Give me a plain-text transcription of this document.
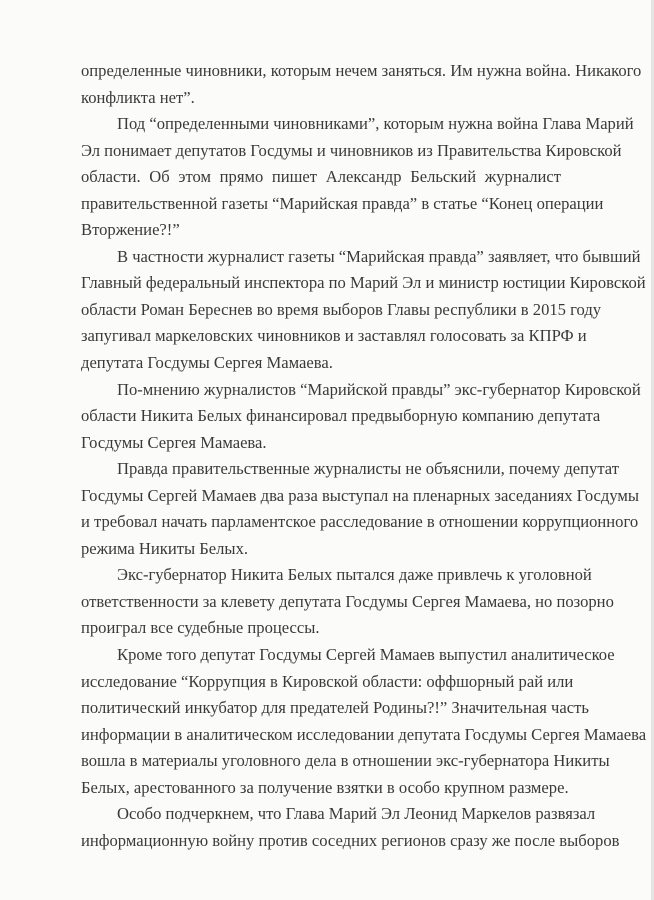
определенные чиновники, которым нечем заняться. Им нужна война. Никакого
конфликта нет”.
Под “определенными чиновниками”, которым нужна война Глава Марий
Эл понимает депутатов Госдумы и чиновников из Правительства Кировской
области. Об этом прямо пишет Александр Бельский журналист
правительственной газеты “Марийская правда” в статье “Конец операции
Вторжение?!”
В частности журналист газеты “Марийская правда” заявляет, что бывший
Главный федеральный инспектора по Марий Эл и министр юстиции Кировской
области Роман Береснев во время выборов Главы республики в 2015 году
запугивал маркеловских чиновников и заставлял голосовать за КПРФ и
депутата Госдумы Сергея Мамаева.
По-мнению журналистов “Марийской правды” экс-губернатор Кировской
области Никита Белых финансировал предвыборную компанию депутата
Госдумы Сергея Мамаева.
Правда правительственные журналисты не объяснили, почему депутат
Госдумы Сергей Мамаев два раза выступал на пленарных заседаниях Госдумы
и требовал начать парламентское расследование в отношении коррупционного
режима Никиты Белых.
Экс-губернатор Никита Белых пытался даже привлечь к уголовной
ответственности за клевету депутата Госдумы Сергея Мамаева, но позорно
проиграл все судебные процессы.
Кроме того депутат Госдумы Сергей Мамаев выпустил аналитическое
исследование “Коррупция в Кировской области: оффшорный рай или
политический инкубатор для предателей Родины?!” Значительная часть
информации в аналитическом исследовании депутата Госдумы Сергея Мамаева
вошла в материалы уголовного дела в отношении экс-губернатора Никиты
Белых, арестованного за получение взятки в особо крупном размере.
Особо подчеркнем, что Глава Марий Эл Леонид Маркелов развязал
информационную войну против соседних регионов сразу же после выборов
